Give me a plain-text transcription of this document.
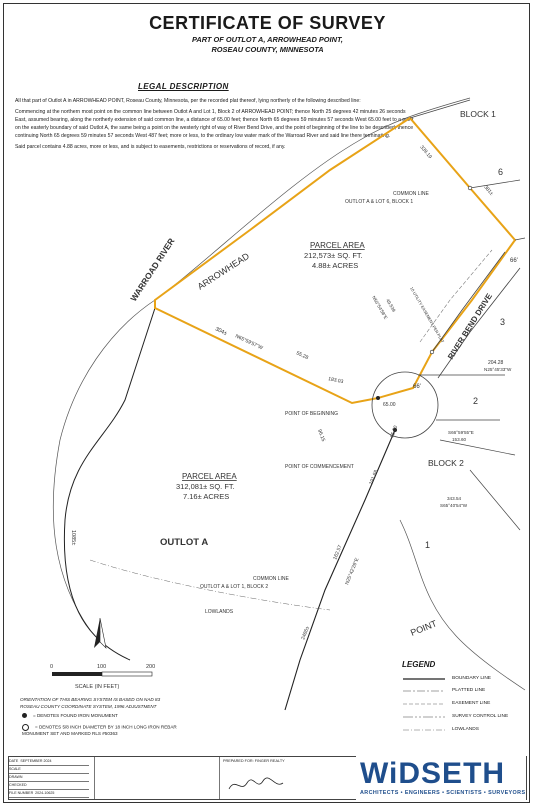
CERTIFICATE OF SURVEY
PART OF OUTLOT A, ARROWHEAD POINT,
ROSEAU COUNTY, MINNESOTA
LEGAL DESCRIPTION

All that part of Outlot A in ARROWHEAD POINT, Roseau County, Minnesota, per the recorded plat thereof, lying northerly of the following described line:

Commencing at the northern most point on the common line between Outlot A and Lot 1, Block 2 of ARROWHEAD POINT; thence North 25 degrees 42 minutes 26 seconds East, assumed bearing, along the northerly extension of said common line, a distance of 65.00 feet; thence North 65 degrees 59 minutes 57 seconds West 65.00 feet to a point on the easterly boundary of said Outlot A, the same being a point on the westerly right of way of River Bend Drive, and the point of beginning of the line to be described; thence continuing North 65 degrees 59 minutes 57 seconds West 487 feet; more or less, to the ordinary low water mark of the Warroad River and said line there terminating.

Said parcel contains 4.88 acres, more or less, and is subject to easements, restrictions or reservations of record, if any.

BLOCK 1
BLOCK 2
6
3
2
1
ARROWHEAD
POINT
WARROAD RIVER
RIVER BEND DRIVE
OUTLOT A
LOWLANDS
COMMON LINE
OUTLOT A & LOT 6, BLOCK 1
COMMON LINE
OUTLOT A & LOT 1, BLOCK 2
POINT OF BEGINNING
POINT OF COMMENCEMENT
PARCEL AREA
212,573± SQ. FT.
4.88± ACRES
PARCEL AREA
312,081± SQ. FT.
7.16± ACRES
304±
N65°59'57"W
55.28
183.03
65.00
65.00
66'
66'
96.15
191.68
162.57
N25°42'26"E
2486±
339.19
381±
N56°54'58"E
49.539	10 UTILITY EASEMENT PER PLAT
204.28
N25°45'33"W
S66°59'55"E
153.60
343.54
S65°40'54"W
1085±
N
0	100	200
SCALE (IN FEET)
LEGEND
BOUNDARY LINE
PLATTED LINE
EASEMENT LINE
SURVEY CONTROL LINE
LOWLANDS
ORIENTATION OF THIS BEARING SYSTEM IS BASED ON NAD 83 ROSEAU COUNTY COORDINATE SYSTEM, 1996 ADJUSTMENT
= DENOTES FOUND IRON MONUMENT
= DENOTES 5/8 INCH DIAMETER BY 18 INCH LONG IRON REBAR MONUMENT SET AND MARKED RLS #50363
DATE SEPTEMBER 2024
SCALE
DRAWN
CHECKED
FILE NUMBER 2024-10625
PREPARED FOR: FINGER REALTY	WiDSETH
ARCHITECTS • ENGINEERS • SCIENTISTS • SURVEYORS
